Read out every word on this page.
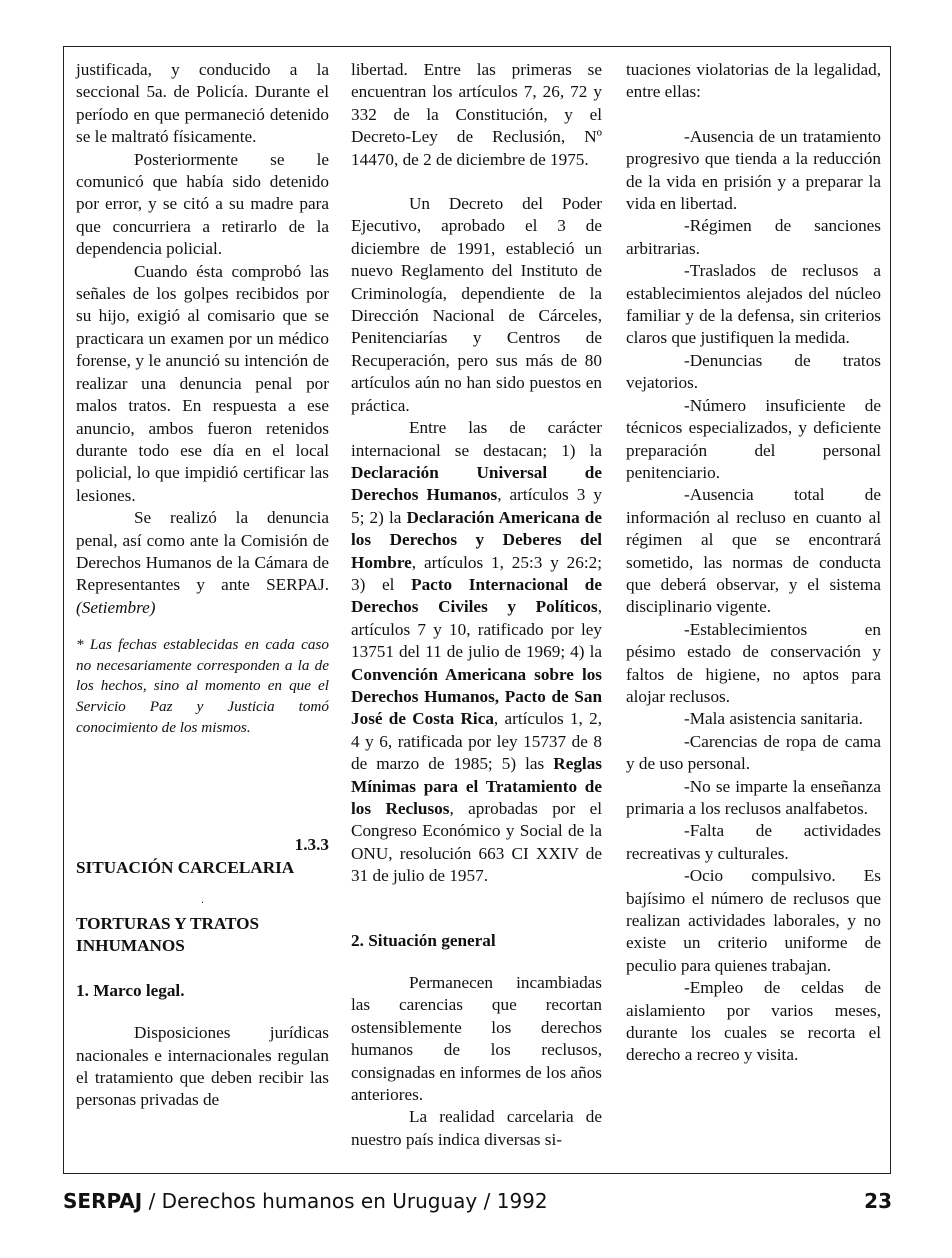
justificada, y conducido a la seccional 5a. de Policía. Durante el período en que permaneció detenido se le maltrató físicamente.

Posteriormente se le comunicó que había sido detenido por error, y se citó a su madre para que concurriera a retirarlo de la dependencia policial.

Cuando ésta comprobó las señales de los golpes recibidos por su hijo, exigió al comisario que se practicara un examen por un médico forense, y le anunció su intención de realizar una denuncia penal por malos tratos. En respuesta a ese anuncio, ambos fueron retenidos durante todo ese día en el local policial, lo que impidió certificar las lesiones.

Se realizó la denuncia penal, así como ante la Comisión de Derechos Humanos de la Cámara de Representantes y ante SERPAJ. (Setiembre)

* Las fechas establecidas en cada caso no necesariamente corresponden a la de los hechos, sino al momento en que el Servicio Paz y Justicia tomó conocimiento de los mismos.

1.3.3

SITUACIÓN CARCELARIA

·

TORTURAS Y TRATOS INHUMANOS

1. Marco legal.

Disposiciones jurídicas nacionales e internacionales regulan el tratamiento que deben recibir las personas privadas de

libertad. Entre las primeras se encuentran los artículos 7, 26, 72 y 332 de la Constitución, y el Decreto-Ley de Reclusión, Nº 14470, de 2 de diciembre de 1975.

Un Decreto del Poder Ejecutivo, aprobado el 3 de diciembre de 1991, estableció un nuevo Reglamento del Instituto de Criminología, dependiente de la Dirección Nacional de Cárceles, Penitenciarías y Centros de Recuperación, pero sus más de 80 artículos aún no han sido puestos en práctica.

Entre las de carácter internacional se destacan; 1) la Declaración Universal de Derechos Humanos, artículos 3 y 5; 2) la Declaración Americana de los Derechos y Deberes del Hombre, artículos 1, 25:3 y 26:2; 3) el Pacto Internacional de Derechos Civiles y Políticos, artículos 7 y 10, ratificado por ley 13751 del 11 de julio de 1969; 4) la Convención Americana sobre los Derechos Humanos, Pacto de San José de Costa Rica, artículos 1, 2, 4 y 6, ratificada por ley 15737 de 8 de marzo de 1985; 5) las Reglas Mínimas para el Tratamiento de los Reclusos, aprobadas por el Congreso Económico y Social de la ONU, resolución 663 CI XXIV de 31 de julio de 1957.

2. Situación general

Permanecen incambiadas las carencias que recortan ostensiblemente los derechos humanos de los reclusos, consignadas en informes de los años anteriores.

La realidad carcelaria de nuestro país indica diversas si-

tuaciones violatorias de la legalidad, entre ellas:

-Ausencia de un tratamiento progresivo que tienda a la reducción de la vida en prisión y a preparar la vida en libertad.

-Régimen de sanciones arbitrarias.

-Traslados de reclusos a establecimientos alejados del núcleo familiar y de la defensa, sin criterios claros que justifiquen la medida.

-Denuncias de tratos vejatorios.

-Número insuficiente de técnicos especializados, y deficiente preparación del personal penitenciario.

-Ausencia total de información al recluso en cuanto al régimen al que se encontrará sometido, las normas de conducta que deberá observar, y el sistema disciplinario vigente.

-Establecimientos en pésimo estado de conservación y faltos de higiene, no aptos para alojar reclusos.

-Mala asistencia sanitaria.

-Carencias de ropa de cama y de uso personal.

-No se imparte la enseñanza primaria a los reclusos analfabetos.

-Falta de actividades recreativas y culturales.

-Ocio compulsivo. Es bajísimo el número de reclusos que realizan actividades laborales, y no existe un criterio uniforme de peculio para quienes trabajan.

-Empleo de celdas de aislamiento por varios meses, durante los cuales se recorta el derecho a recreo y visita.

SERPAJ / Derechos humanos en Uruguay / 1992	23
